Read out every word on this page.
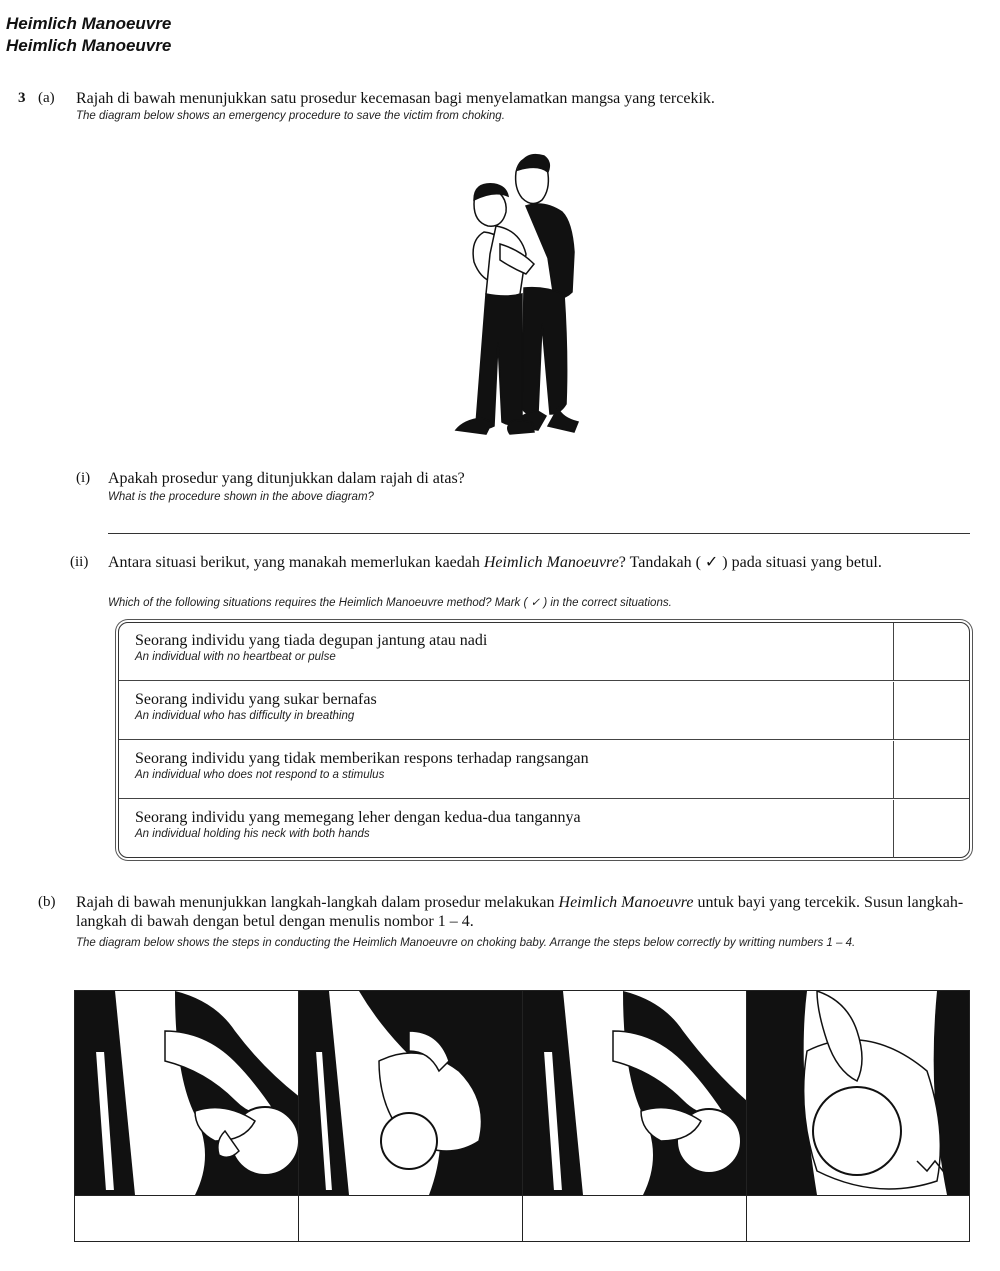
Heimlich Manoeuvre
Heimlich Manoeuvre
3 (a) Rajah di bawah menunjukkan satu prosedur kecemasan bagi menyelamatkan mangsa yang tercekik.
The diagram below shows an emergency procedure to save the victim from choking.
(i) Apakah prosedur yang ditunjukkan dalam rajah di atas?
What is the procedure shown in the above diagram?
(ii) Antara situasi berikut, yang manakah memerlukan kaedah Heimlich Manoeuvre? Tandakah ( ✓ ) pada situasi yang betul.
Which of the following situations requires the Heimlich Manoeuvre method? Mark ( ✓ ) in the correct situations.
Seorang individu yang tiada degupan jantung atau nadi
An individual with no heartbeat or pulse
Seorang individu yang sukar bernafas
An individual who has difficulty in breathing
Seorang individu yang tidak memberikan respons terhadap rangsangan
An individual who does not respond to a stimulus
Seorang individu yang memegang leher dengan kedua-dua tangannya
An individual holding his neck with both hands
(b) Rajah di bawah menunjukkan langkah-langkah dalam prosedur melakukan Heimlich Manoeuvre untuk bayi yang tercekik. Susun langkah-langkah di bawah dengan betul dengan menulis nombor 1 – 4.
The diagram below shows the steps in conducting the Heimlich Manoeuvre on choking baby. Arrange the steps below correctly by writting numbers 1 – 4.
